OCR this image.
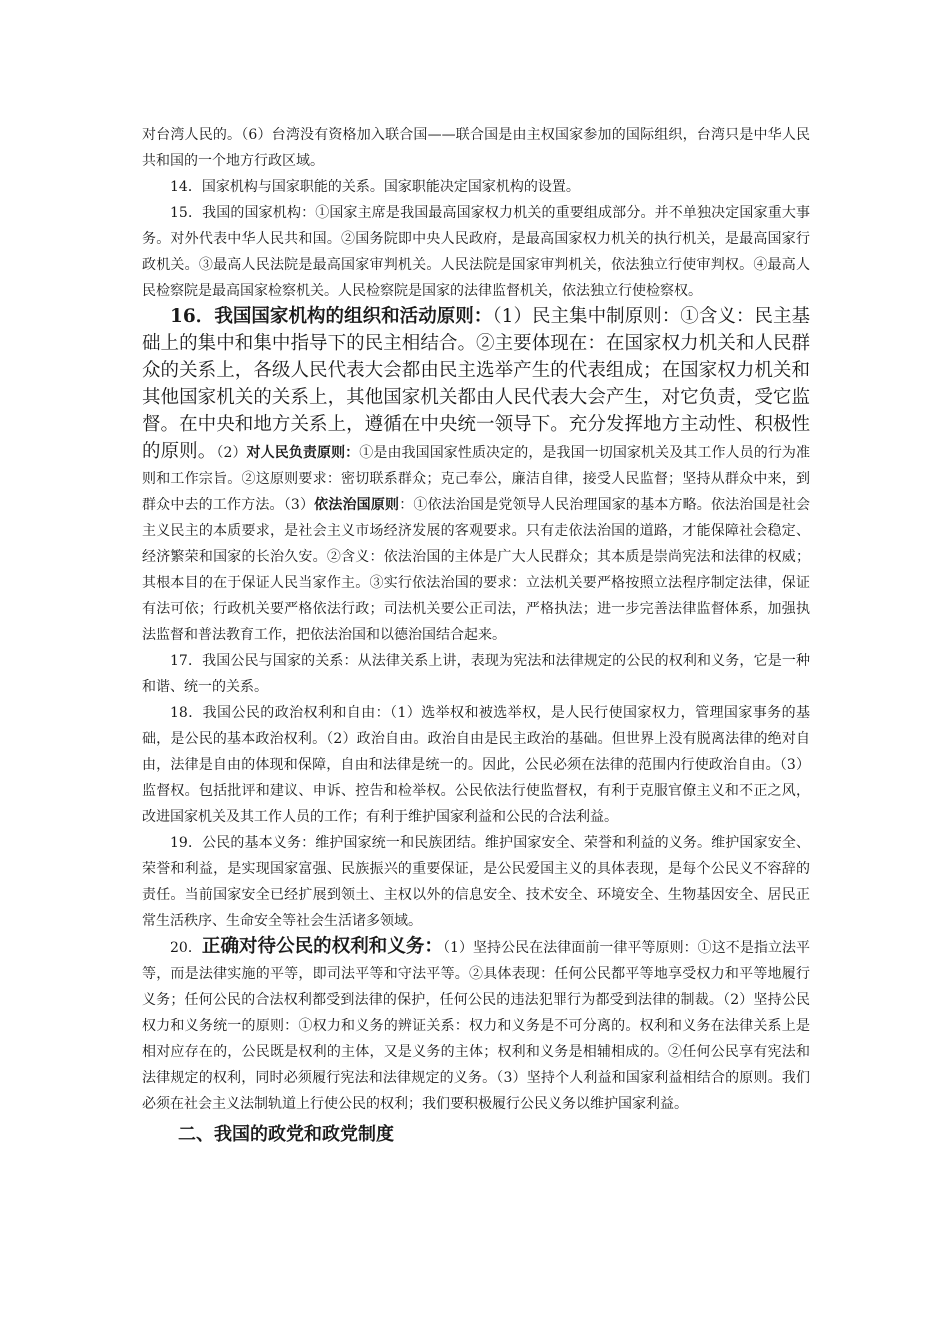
对台湾人民的。（6）台湾没有资格加入联合国——联合国是由主权国家参加的国际组织，台湾只是中华人民共和国的一个地方行政区域。

14．国家机构与国家职能的关系。国家职能决定国家机构的设置。

15．我国的国家机构：①国家主席是我国最高国家权力机关的重要组成部分。并不单独决定国家重大事务。对外代表中华人民共和国。②国务院即中央人民政府，是最高国家权力机关的执行机关，是最高国家行政机关。③最高人民法院是最高国家审判机关。人民法院是国家审判机关，依法独立行使审判权。④最高人民检察院是最高国家检察机关。人民检察院是国家的法律监督机关，依法独立行使检察权。

16．我国国家机构的组织和活动原则：（1）民主集中制原则：①含义：民主基础上的集中和集中指导下的民主相结合。②主要体现在：在国家权力机关和人民群众的关系上，各级人民代表大会都由民主选举产生的代表组成；在国家权力机关和其他国家机关的关系上，其他国家机关都由人民代表大会产生，对它负责，受它监督。在中央和地方关系上，遵循在中央统一领导下。充分发挥地方主动性、积极性的原则。（2）对人民负责原则：①是由我国国家性质决定的，是我国一切国家机关及其工作人员的行为准则和工作宗旨。②这原则要求：密切联系群众；克己奉公，廉洁自律，接受人民监督；坚持从群众中来，到群众中去的工作方法。（3）依法治国原则：①依法治国是党领导人民治理国家的基本方略。依法治国是社会主义民主的本质要求，是社会主义市场经济发展的客观要求。只有走依法治国的道路，才能保障社会稳定、经济繁荣和国家的长治久安。②含义：依法治国的主体是广大人民群众；其本质是崇尚宪法和法律的权威；其根本目的在于保证人民当家作主。③实行依法治国的要求：立法机关要严格按照立法程序制定法律，保证有法可依；行政机关要严格依法行政；司法机关要公正司法，严格执法；进一步完善法律监督体系，加强执法监督和普法教育工作，把依法治国和以德治国结合起来。

17．我国公民与国家的关系：从法律关系上讲，表现为宪法和法律规定的公民的权利和义务，它是一种和谐、统一的关系。

18．我国公民的政治权利和自由：（1）选举权和被选举权，是人民行使国家权力，管理国家事务的基础，是公民的基本政治权利。（2）政治自由。政治自由是民主政治的基础。但世界上没有脱离法律的绝对自由，法律是自由的体现和保障，自由和法律是统一的。因此，公民必须在法律的范围内行使政治自由。（3）监督权。包括批评和建议、申诉、控告和检举权。公民依法行使监督权，有利于克服官僚主义和不正之风，改进国家机关及其工作人员的工作；有利于维护国家利益和公民的合法利益。

19．公民的基本义务：维护国家统一和民族团结。维护国家安全、荣誉和利益的义务。维护国家安全、荣誉和利益，是实现国家富强、民族振兴的重要保证，是公民爱国主义的具体表现，是每个公民义不容辞的责任。当前国家安全已经扩展到领土、主权以外的信息安全、技术安全、环境安全、生物基因安全、居民正常生活秩序、生命安全等社会生活诸多领域。

20．正确对待公民的权利和义务：（1）坚持公民在法律面前一律平等原则：①这不是指立法平等，而是法律实施的平等，即司法平等和守法平等。②具体表现：任何公民都平等地享受权力和平等地履行义务；任何公民的合法权利都受到法律的保护，任何公民的违法犯罪行为都受到法律的制裁。（2）坚持公民权力和义务统一的原则：①权力和义务的辨证关系：权力和义务是不可分离的。权利和义务在法律关系上是相对应存在的，公民既是权利的主体，又是义务的主体；权利和义务是相辅相成的。②任何公民享有宪法和法律规定的权利，同时必须履行宪法和法律规定的义务。（3）坚持个人利益和国家利益相结合的原则。我们必须在社会主义法制轨道上行使公民的权利；我们要积极履行公民义务以维护国家利益。

二、我国的政党和政党制度
